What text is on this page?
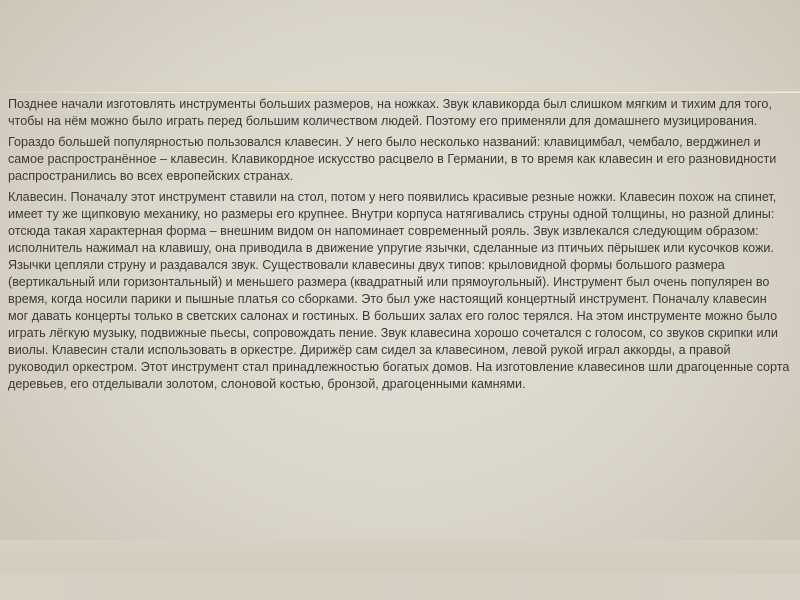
Позднее начали изготовлять инструменты больших размеров, на ножках. Звук клавикорда был слишком мягким и тихим для того, чтобы на нём можно было играть перед большим количеством людей. Поэтому его применяли для домашнего музицирования.

Гораздо большей популярностью пользовался клавесин. У него было несколько названий: клавицимбал, чембало, верджинел и самое распространённое – клавесин. Клавикордное искусство расцвело в Германии, в то время как клавесин и его разновидности распространились во всех европейских странах.

Клавесин. Поначалу этот инструмент ставили на стол, потом у него появились красивые резные ножки. Клавесин похож на спинет, имеет ту же щипковую механику, но размеры его крупнее. Внутри корпуса натягивались струны одной толщины, но разной длины: отсюда такая характерная форма – внешним видом он напоминает современный рояль. Звук извлекался следующим образом: исполнитель нажимал на клавишу, она приводила в движение упругие язычки, сделанные из птичьих пёрышек или кусочков кожи. Язычки цепляли струну и раздавался звук. Существовали клавесины двух типов: крыловидной формы большого размера (вертикальный или горизонтальный) и меньшего размера (квадратный или прямоугольный). Инструмент был очень популярен во время, когда носили парики и пышные платья со сборками. Это был уже настоящий концертный инструмент. Поначалу клавесин мог давать концерты только в светских салонах и гостиных. В больших залах его голос терялся. На этом инструменте можно было играть лёгкую музыку, подвижные пьесы, сопровождать пение. Звук клавесина хорошо сочетался с голосом, со звуков скрипки или виолы. Клавесин стали использовать в оркестре. Дирижёр сам сидел за клавесином, левой рукой играл аккорды, а правой руководил оркестром. Этот инструмент стал принадлежностью богатых домов. На изготовление клавесинов шли драгоценные сорта деревьев, его отделывали золотом, слоновой костью, бронзой, драгоценными камнями.
